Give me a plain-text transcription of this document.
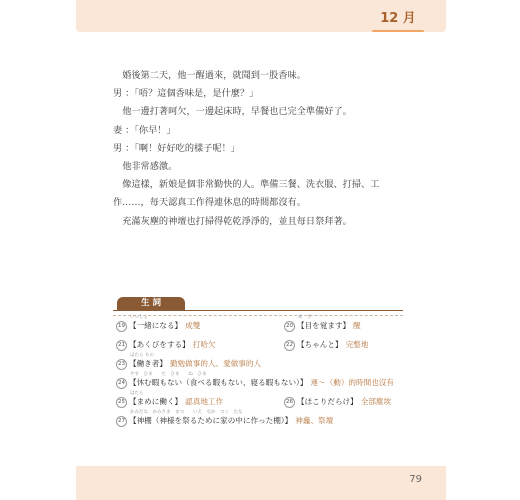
12 月

婚後第二天，他一醒過來，就聞到一股香味。

男 ：「唔？這個香味是，是什麼？」

他一邊打著呵欠，一邊起床時，早餐也已完全準備好了。

妻 ：「你早！」

男 ：「啊！好好吃的樣子呢！」

他非常感激。

像這樣，新娘是個非常勤快的人。準備三餐、洗衣服、打掃、工作……，每天認真工作得連休息的時間都沒有。

充滿灰塵的神壇也打掃得乾乾淨淨的，並且每日祭拜著。

生 詞
いっしょ
19 【一緒になる】 成雙
め　さ
20 【目を覚ます】 醒
21 【あくびをする】 打哈欠	22 【ちゃんと】 完整地
はたら もの
23 【働き者】 勤勉做事的人、愛做事的人
やす　ひま　　た　ひま　　ね　ひま
24 【休む暇もない（食べる暇もない、寝る暇もない）】 連～（動）的時間也沒有
はたら
25 【まめに働く】 認真地工作	26 【ほこりだらけ】 全部塵埃
かみだな　かみさま　まつ　　いえ　なか　つく　たな
27 【神棚（神様を祭るために家の中に作った棚）】 神龕、祭壇
79
